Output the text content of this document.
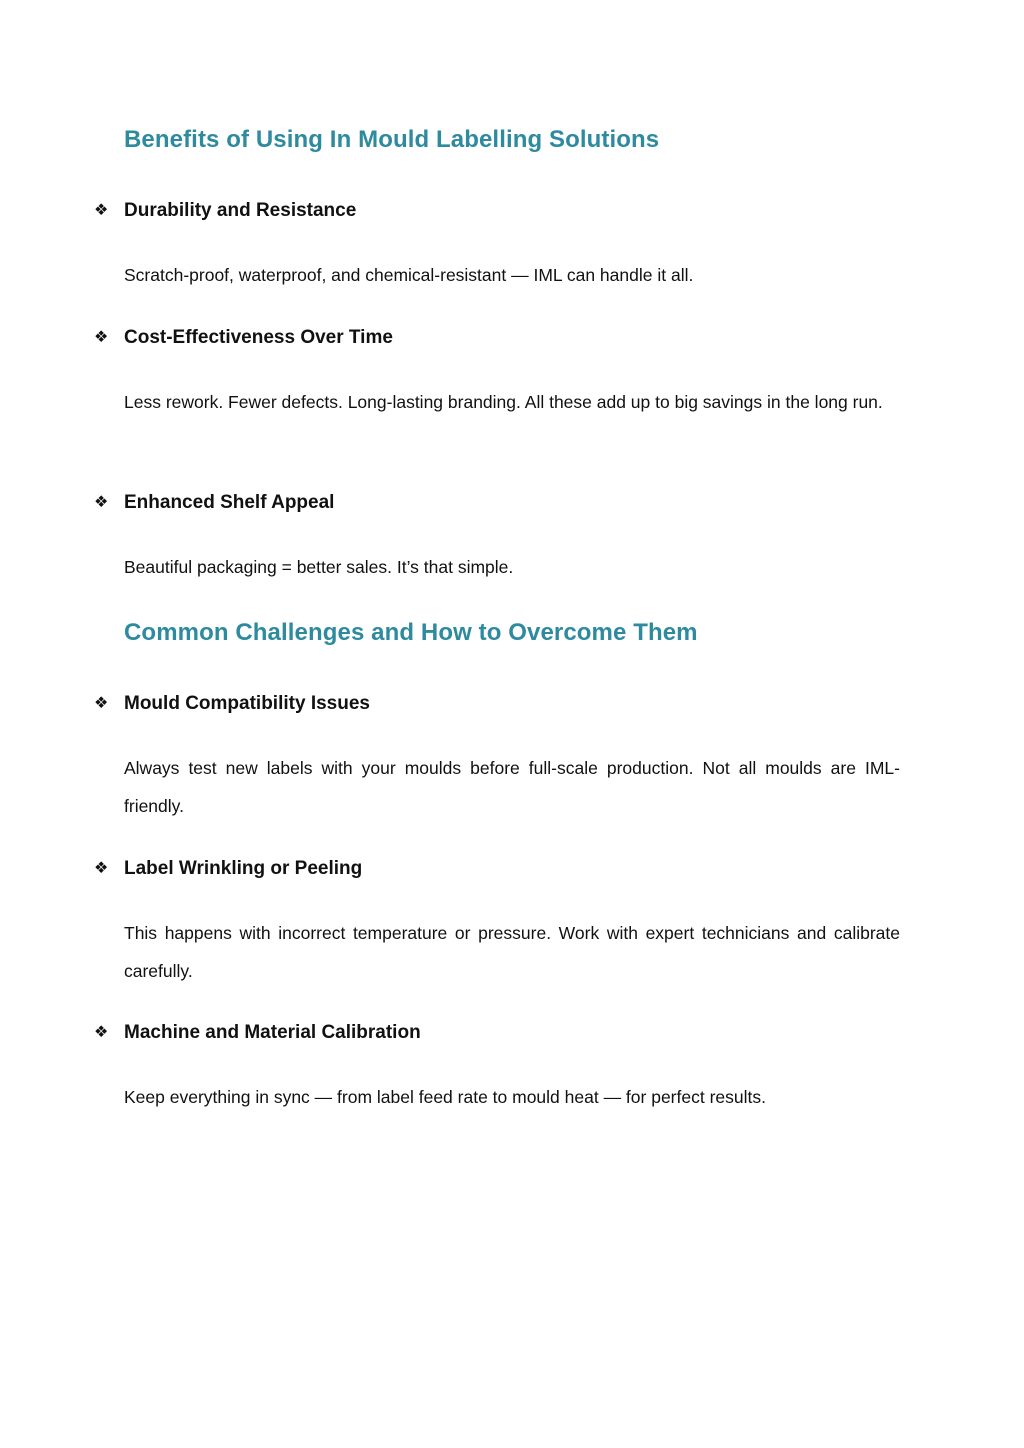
Benefits of Using In Mould Labelling Solutions
❖ Durability and Resistance

Scratch-proof, waterproof, and chemical-resistant — IML can handle it all.

❖ Cost-Effectiveness Over Time

Less rework. Fewer defects. Long-lasting branding. All these add up to big savings in the long run.

❖ Enhanced Shelf Appeal

Beautiful packaging = better sales. It’s that simple.

Common Challenges and How to Overcome Them
❖ Mould Compatibility Issues

Always test new labels with your moulds before full-scale production. Not all moulds are IML-friendly.

❖ Label Wrinkling or Peeling

This happens with incorrect temperature or pressure. Work with expert technicians and calibrate carefully.

❖ Machine and Material Calibration

Keep everything in sync — from label feed rate to mould heat — for perfect results.
